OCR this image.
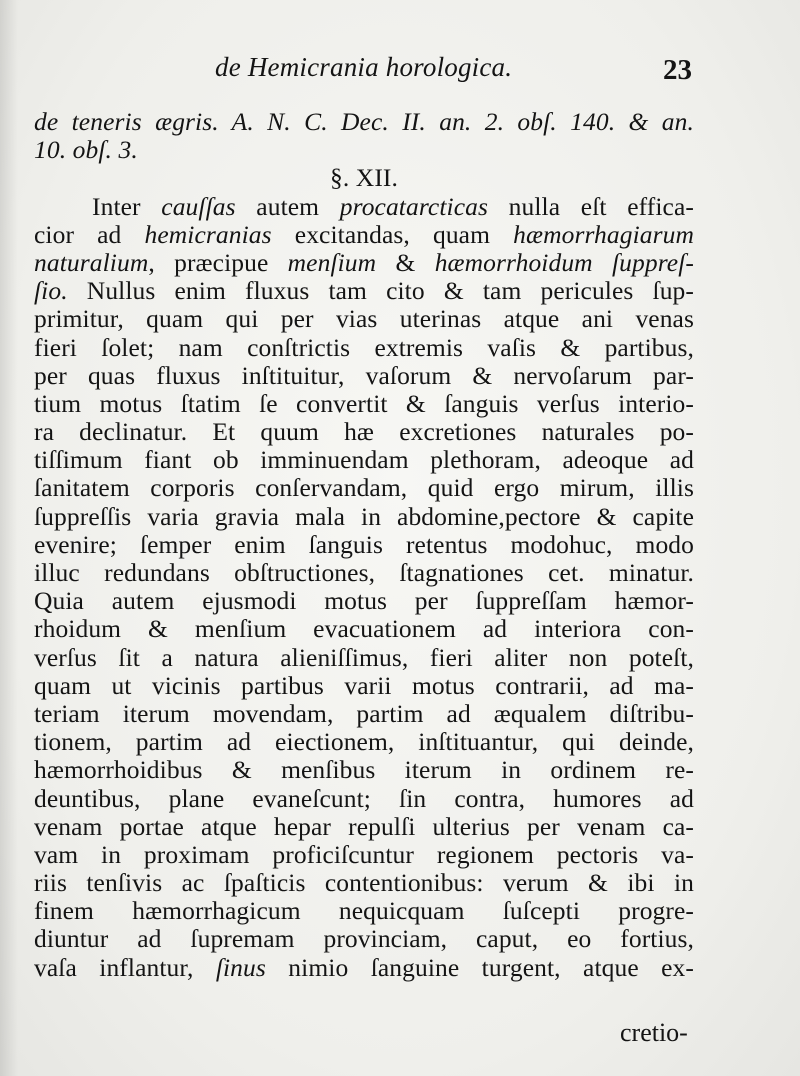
de Hemicrania horologica.	23
de teneris ægris. A. N. C. Dec. II. an. 2. obſ. 140. & an.
10. obſ. 3.
§. XII.
Inter cauſſas autem procatarcticas nulla eſt effica-
cior ad hemicranias excitandas, quam hæmorrhagiarum
naturalium, præcipue menſium & hæmorrhoidum ſuppreſ-
ſio. Nullus enim fluxus tam cito & tam pericules ſup-
primitur, quam qui per vias uterinas atque ani venas
fieri ſolet; nam conſtrictis extremis vaſis & partibus,
per quas fluxus inſtituitur, vaſorum & nervoſarum par-
tium motus ſtatim ſe convertit & ſanguis verſus interio-
ra declinatur. Et quum hæ excretiones naturales po-
tiſſimum fiant ob imminuendam plethoram, adeoque ad
ſanitatem corporis conſervandam, quid ergo mirum, illis
ſuppreſſis varia gravia mala in abdomine,pectore & capite
evenire; ſemper enim ſanguis retentus modohuc, modo
illuc redundans obſtructiones, ſtagnationes cet. minatur.
Quia autem ejusmodi motus per ſuppreſſam hæmor-
rhoidum & menſium evacuationem ad interiora con-
verſus ſit a natura alieniſſimus, fieri aliter non poteſt,
quam ut vicinis partibus varii motus contrarii, ad ma-
teriam iterum movendam, partim ad æqualem diſtribu-
tionem, partim ad eiectionem, inſtituantur, qui deinde,
hæmorrhoidibus & menſibus iterum in ordinem re-
deuntibus, plane evaneſcunt; ſin contra, humores ad
venam portae atque hepar repulſi ulterius per venam ca-
vam in proximam proficiſcuntur regionem pectoris va-
riis tenſivis ac ſpaſticis contentionibus: verum & ibi in
finem hæmorrhagicum nequicquam ſuſcepti progre-
diuntur ad ſupremam provinciam, caput, eo fortius,
vaſa inflantur, ſinus nimio ſanguine turgent, atque ex-
cretio-
